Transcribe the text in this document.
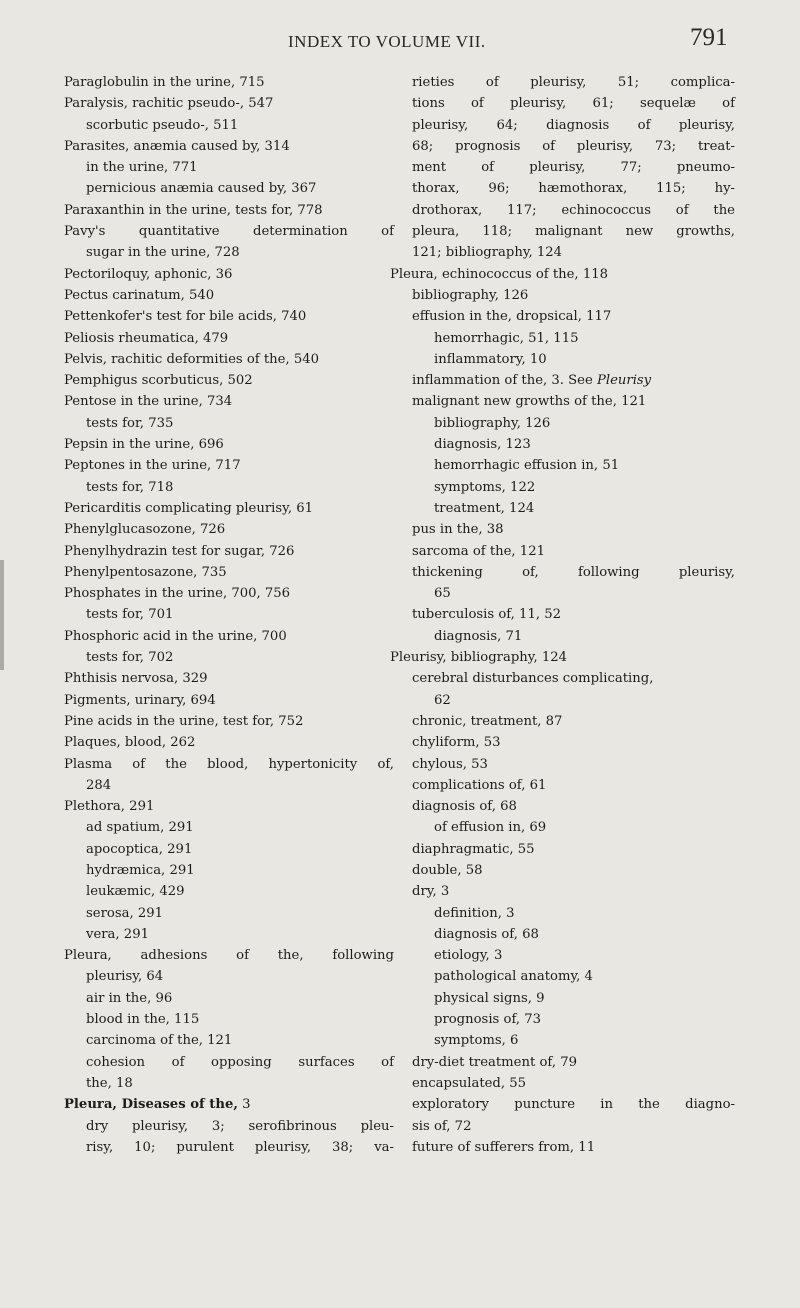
INDEX TO VOLUME VII.	791
Paraglobulin in the urine, 715
Paralysis, rachitic pseudo-, 547
scorbutic pseudo-, 511
Parasites, anæmia caused by, 314
in the urine, 771
pernicious anæmia caused by, 367
Paraxanthin in the urine, tests for, 778
Pavy's quantitative determination of
sugar in the urine, 728
Pectoriloquy, aphonic, 36
Pectus carinatum, 540
Pettenkofer's test for bile acids, 740
Peliosis rheumatica, 479
Pelvis, rachitic deformities of the, 540
Pemphigus scorbuticus, 502
Pentose in the urine, 734
tests for, 735
Pepsin in the urine, 696
Peptones in the urine, 717
tests for, 718
Pericarditis complicating pleurisy, 61
Phenylglucasozone, 726
Phenylhydrazin test for sugar, 726
Phenylpentosazone, 735
Phosphates in the urine, 700, 756
tests for, 701
Phosphoric acid in the urine, 700
tests for, 702
Phthisis nervosa, 329
Pigments, urinary, 694
Pine acids in the urine, test for, 752
Plaques, blood, 262
Plasma of the blood, hypertonicity of,
284
Plethora, 291
ad spatium, 291
apocoptica, 291
hydræmica, 291
leukæmic, 429
serosa, 291
vera, 291
Pleura, adhesions of the, following
pleurisy, 64
air in the, 96
blood in the, 115
carcinoma of the, 121
cohesion of opposing surfaces of
the, 18
Pleura, Diseases of the, 3
dry pleurisy, 3; serofibrinous pleu-
risy, 10; purulent pleurisy, 38; va-
rieties of pleurisy, 51; complica-
tions of pleurisy, 61; sequelæ of
pleurisy, 64; diagnosis of pleurisy,
68; prognosis of pleurisy, 73; treat-
ment of pleurisy, 77; pneumo-
thorax, 96; hæmothorax, 115; hy-
drothorax, 117; echinococcus of the
pleura, 118; malignant new growths,
121; bibliography, 124
Pleura, echinococcus of the, 118
bibliography, 126
effusion in the, dropsical, 117
hemorrhagic, 51, 115
inflammatory, 10
inflammation of the, 3. See Pleurisy
malignant new growths of the, 121
bibliography, 126
diagnosis, 123
hemorrhagic effusion in, 51
symptoms, 122
treatment, 124
pus in the, 38
sarcoma of the, 121
thickening of, following pleurisy,
65
tuberculosis of, 11, 52
diagnosis, 71
Pleurisy, bibliography, 124
cerebral disturbances complicating,
62
chronic, treatment, 87
chyliform, 53
chylous, 53
complications of, 61
diagnosis of, 68
of effusion in, 69
diaphragmatic, 55
double, 58
dry, 3
definition, 3
diagnosis of, 68
etiology, 3
pathological anatomy, 4
physical signs, 9
prognosis of, 73
symptoms, 6
dry-diet treatment of, 79
encapsulated, 55
exploratory puncture in the diagno-
sis of, 72
future of sufferers from, 11
